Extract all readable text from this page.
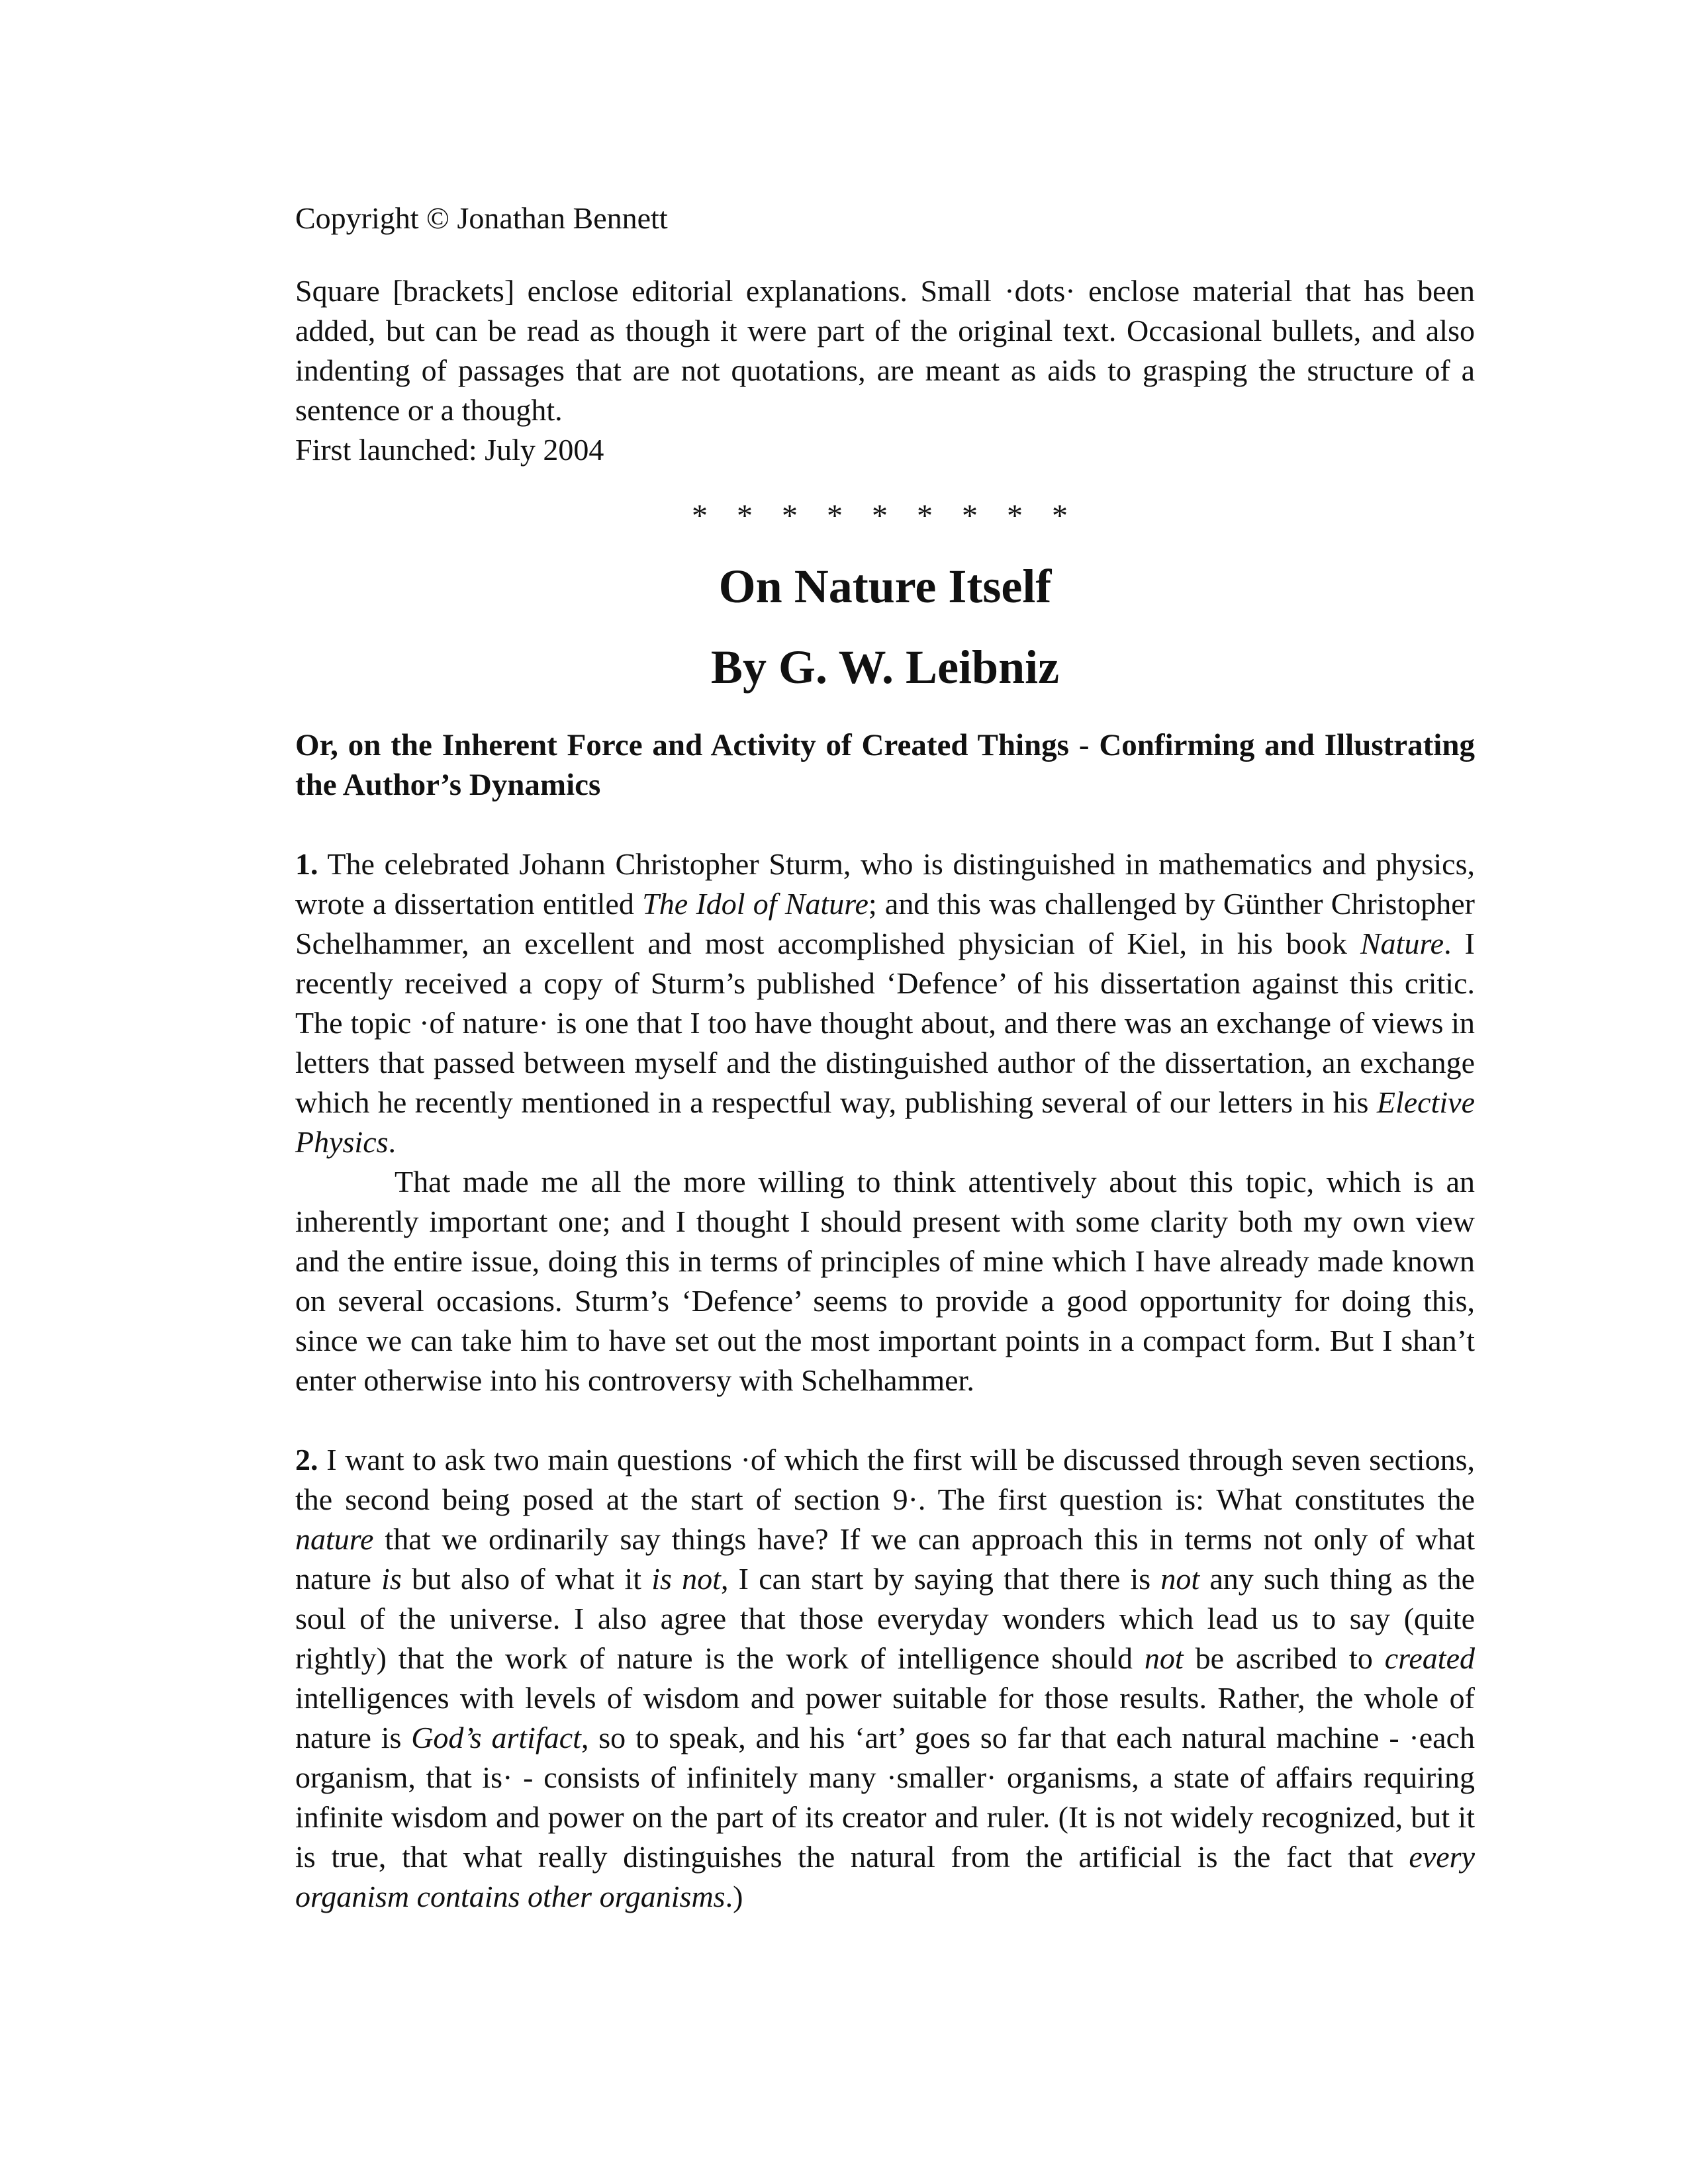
Copyright © Jonathan Bennett

Square [brackets] enclose editorial explanations. Small ·dots· enclose material that has been added, but can be read as though it were part of the original text. Occasional bullets, and also indenting of passages that are not quotations, are meant as aids to grasping the structure of a sentence or a thought.

First launched: July 2004

* * * * * * * * *
On Nature Itself
By G. W. Leibniz

Or, on the Inherent Force and Activity of Created Things - Confirming and Illustrating the Author’s Dynamics

1. The celebrated Johann Christopher Sturm, who is distinguished in mathematics and physics, wrote a dissertation entitled The Idol of Nature; and this was challenged by Günther Christopher Schelhammer, an excellent and most accomplished physician of Kiel, in his book Nature. I recently received a copy of Sturm’s published ‘Defence’ of his dissertation against this critic. The topic ·of nature· is one that I too have thought about, and there was an exchange of views in letters that passed between myself and the distinguished author of the dissertation, an exchange which he recently mentioned in a respectful way, publishing several of our letters in his Elective Physics.

That made me all the more willing to think attentively about this topic, which is an inherently important one; and I thought I should present with some clarity both my own view and the entire issue, doing this in terms of principles of mine which I have already made known on several occasions. Sturm’s ‘Defence’ seems to provide a good opportunity for doing this, since we can take him to have set out the most important points in a compact form. But I shan’t enter otherwise into his controversy with Schelhammer.

2. I want to ask two main questions ·of which the first will be discussed through seven sections, the second being posed at the start of section 9·. The first question is: What constitutes the nature that we ordinarily say things have? If we can approach this in terms not only of what nature is but also of what it is not, I can start by saying that there is not any such thing as the soul of the universe. I also agree that those everyday wonders which lead us to say (quite rightly) that the work of nature is the work of intelligence should not be ascribed to created intelligences with levels of wisdom and power suitable for those results. Rather, the whole of nature is God’s artifact, so to speak, and his ‘art’ goes so far that each natural machine - ·each organism, that is· - consists of infinitely many ·smaller· organisms, a state of affairs requiring infinite wisdom and power on the part of its creator and ruler. (It is not widely recognized, but it is true, that what really distinguishes the natural from the artificial is the fact that every organism contains other organisms.)
